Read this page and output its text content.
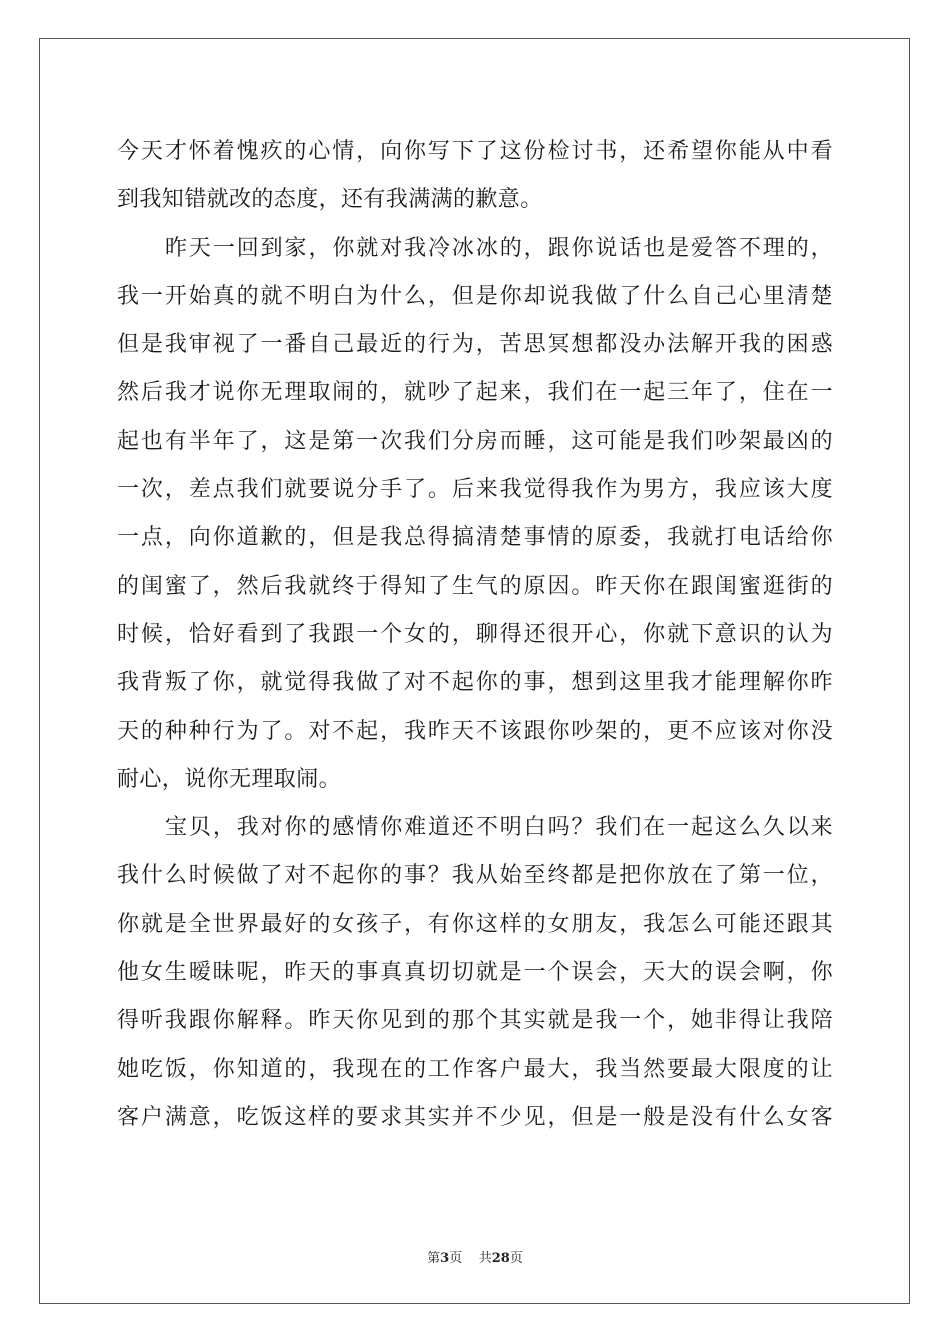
今天才怀着愧疚的心情，向你写下了这份检讨书，还希望你能从中看
到我知错就改的态度，还有我满满的歉意。
昨天一回到家，你就对我冷冰冰的，跟你说话也是爱答不理的，
我一开始真的就不明白为什么，但是你却说我做了什么自己心里清楚
但是我审视了一番自己最近的行为，苦思冥想都没办法解开我的困惑
然后我才说你无理取闹的，就吵了起来，我们在一起三年了，住在一
起也有半年了，这是第一次我们分房而睡，这可能是我们吵架最凶的
一次，差点我们就要说分手了。后来我觉得我作为男方，我应该大度
一点，向你道歉的，但是我总得搞清楚事情的原委，我就打电话给你
的闺蜜了，然后我就终于得知了生气的原因。昨天你在跟闺蜜逛街的
时候，恰好看到了我跟一个女的，聊得还很开心，你就下意识的认为
我背叛了你，就觉得我做了对不起你的事，想到这里我才能理解你昨
天的种种行为了。对不起，我昨天不该跟你吵架的，更不应该对你没
耐心，说你无理取闹。
宝贝，我对你的感情你难道还不明白吗？我们在一起这么久以来
我什么时候做了对不起你的事？我从始至终都是把你放在了第一位，
你就是全世界最好的女孩子，有你这样的女朋友，我怎么可能还跟其
他女生暧昧呢，昨天的事真真切切就是一个误会，天大的误会啊，你
得听我跟你解释。昨天你见到的那个其实就是我一个，她非得让我陪
她吃饭，你知道的，我现在的工作客户最大，我当然要最大限度的让
客户满意，吃饭这样的要求其实并不少见，但是一般是没有什么女客
第3页 共28页
